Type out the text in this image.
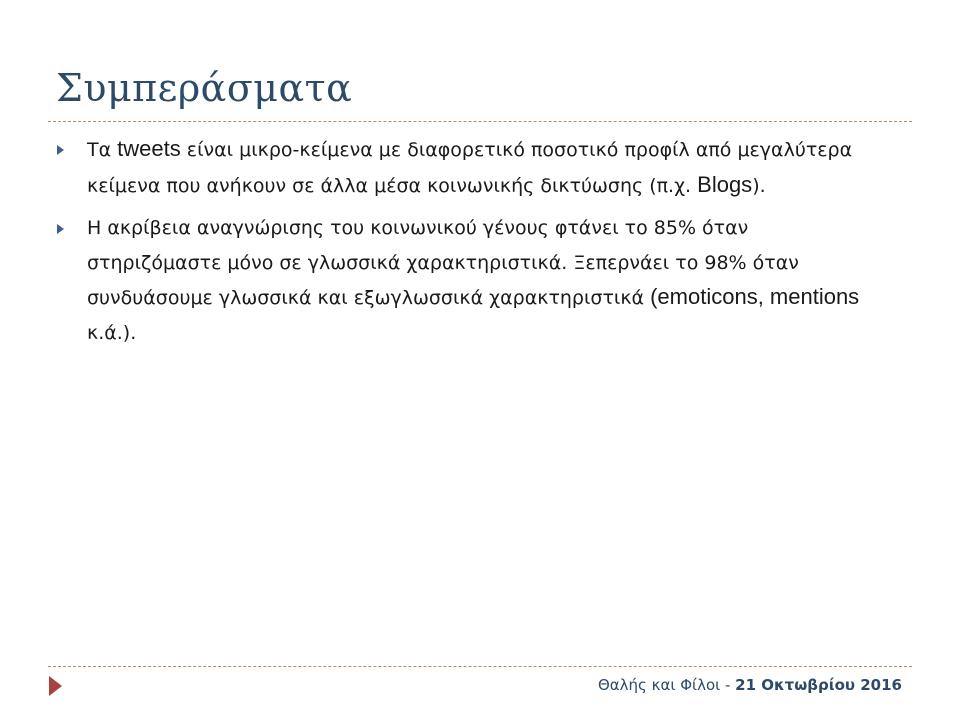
Συμπεράσματα
Τα tweets είναι μικρο-κείμενα με διαφορετικό ποσοτικό προφίλ από μεγαλύτερα κείμενα που ανήκουν σε άλλα μέσα κοινωνικής δικτύωσης (π.χ. Blogs).
Η ακρίβεια αναγνώρισης του κοινωνικού γένους φτάνει το 85% όταν στηριζόμαστε μόνο σε γλωσσικά χαρακτηριστικά. Ξεπερνάει το 98% όταν συνδυάσουμε γλωσσικά και εξωγλωσσικά χαρακτηριστικά (emoticons, mentions κ.ά.).
Θαλής και Φίλοι - 21 Οκτωβρίου 2016
